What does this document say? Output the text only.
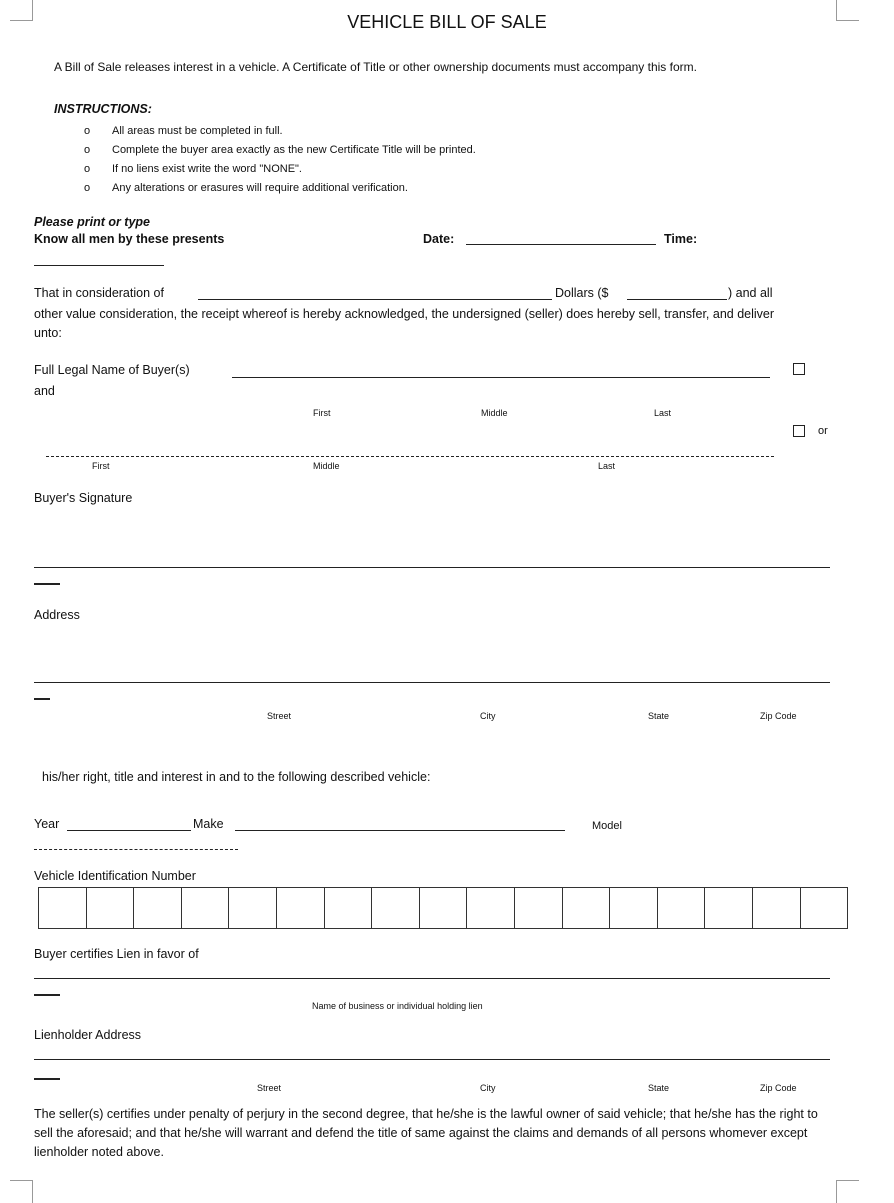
VEHICLE BILL OF SALE
A Bill of Sale releases interest in a vehicle. A Certificate of Title or other ownership documents must accompany this form.
INSTRUCTIONS:
o All areas must be completed in full.
o Complete the buyer area exactly as the new Certificate Title will be printed.
o If no liens exist write the word "NONE".
o Any alterations or erasures will require additional verification.
Please print or type
Know all men by these presents	Date:	Time:
That in consideration of	Dollars ($	) and all
other value consideration, the receipt whereof is hereby acknowledged, the undersigned (seller) does hereby sell, transfer, and deliver unto:
Full Legal Name of Buyer(s)
and
First	Middle	Last
or
First	Middle	Last
Buyer's Signature
Address
Street	City	State	Zip Code
his/her right, title and interest in and to the following described vehicle:
Year	Make	Model
Vehicle Identification Number
Buyer certifies Lien in favor of
Name of business or individual holding lien
Lienholder Address
Street	City	State	Zip Code
The seller(s) certifies under penalty of perjury in the second degree, that he/she is the lawful owner of said vehicle; that he/she has the right to sell the aforesaid; and that he/she will warrant and defend the title of same against the claims and demands of all persons whomever except lienholder noted above.
